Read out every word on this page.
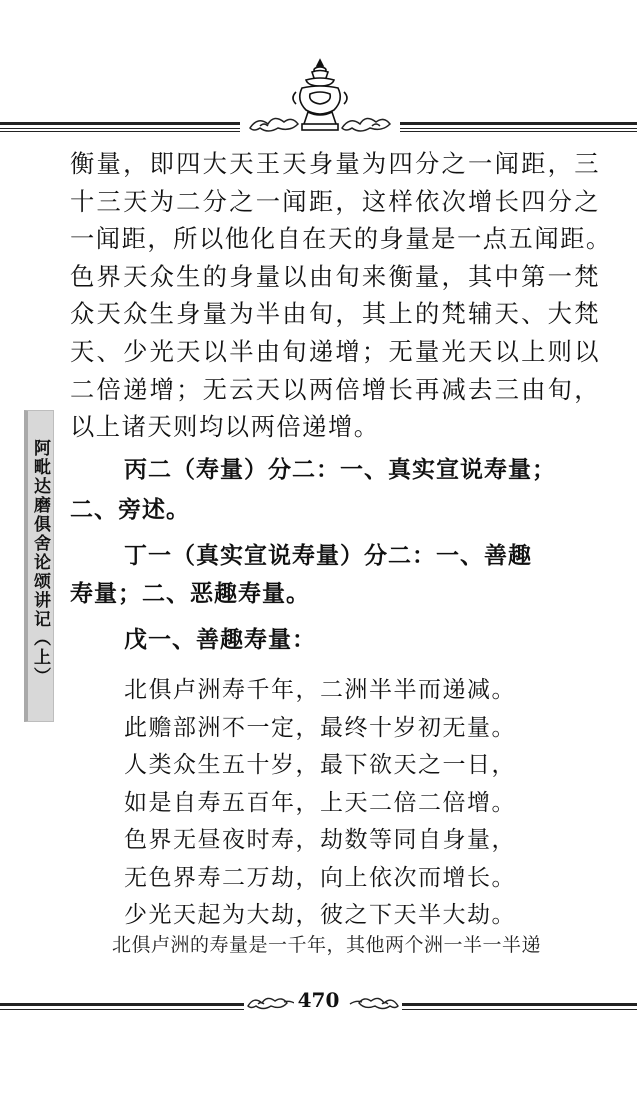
阿毗达磨俱舍论颂讲记（上）
衡量，即四大天王天身量为四分之一闻距，三
十三天为二分之一闻距，这样依次增长四分之
一闻距，所以他化自在天的身量是一点五闻距。
色界天众生的身量以由旬来衡量，其中第一梵
众天众生身量为半由旬，其上的梵辅天、大梵
天、少光天以半由旬递增；无量光天以上则以
二倍递增；无云天以两倍增长再减去三由旬，
以上诸天则均以两倍递增。
丙二（寿量）分二：一、真实宣说寿量；
二、旁述。
丁一（真实宣说寿量）分二：一、善趣
寿量；二、恶趣寿量。
戊一、善趣寿量：
北俱卢洲寿千年，二洲半半而递减。
此赡部洲不一定，最终十岁初无量。
人类众生五十岁，最下欲天之一日，
如是自寿五百年，上天二倍二倍增。
色界无昼夜时寿，劫数等同自身量，
无色界寿二万劫，向上依次而增长。
少光天起为大劫，彼之下天半大劫。
北俱卢洲的寿量是一千年，其他两个洲一半一半递
470
